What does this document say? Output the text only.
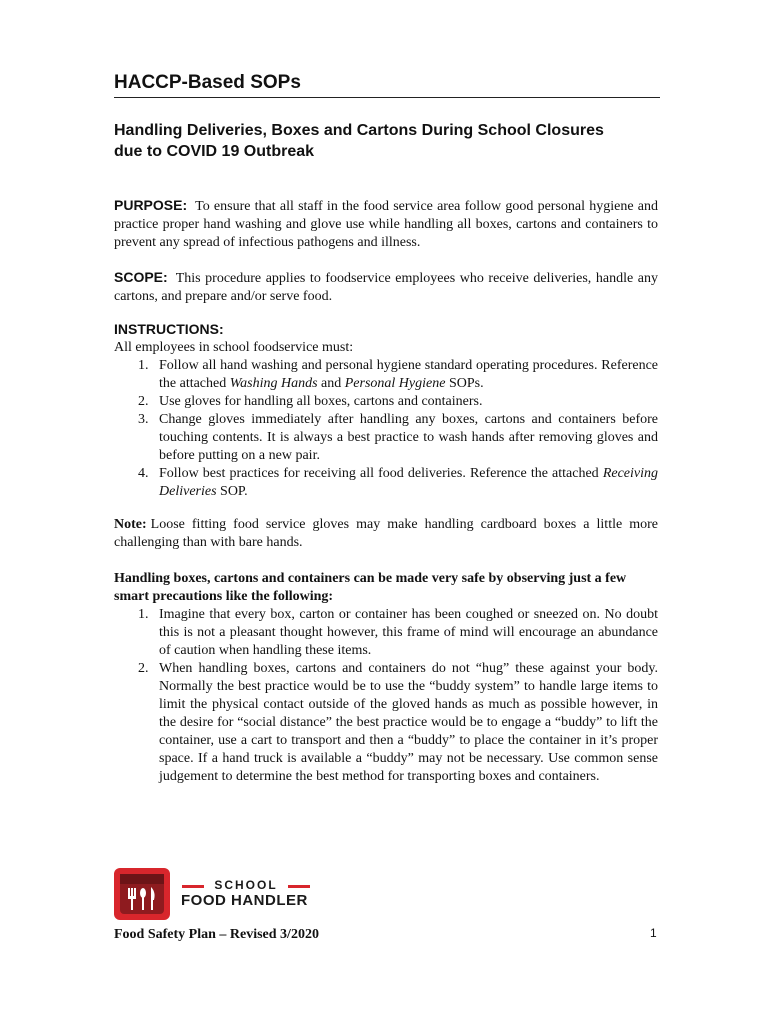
HACCP-Based SOPs
Handling Deliveries, Boxes and Cartons During School Closures
due to COVID 19 Outbreak
PURPOSE: To ensure that all staff in the food service area follow good personal hygiene and practice proper hand washing and glove use while handling all boxes, cartons and containers to prevent any spread of infectious pathogens and illness.
SCOPE: This procedure applies to foodservice employees who receive deliveries, handle any cartons, and prepare and/or serve food.
INSTRUCTIONS:
All employees in school foodservice must:
1. Follow all hand washing and personal hygiene standard operating procedures. Reference the attached Washing Hands and Personal Hygiene SOPs.
2. Use gloves for handling all boxes, cartons and containers.
3. Change gloves immediately after handling any boxes, cartons and containers before touching contents. It is always a best practice to wash hands after removing gloves and before putting on a new pair.
4. Follow best practices for receiving all food deliveries. Reference the attached Receiving Deliveries SOP.
Note: Loose fitting food service gloves may make handling cardboard boxes a little more challenging than with bare hands.
Handling boxes, cartons and containers can be made very safe by observing just a few smart precautions like the following:
1. Imagine that every box, carton or container has been coughed or sneezed on. No doubt this is not a pleasant thought however, this frame of mind will encourage an abundance of caution when handling these items.
2. When handling boxes, cartons and containers do not “hug” these against your body. Normally the best practice would be to use the “buddy system” to handle large items to limit the physical contact outside of the gloved hands as much as possible however, in the desire for “social distance” the best practice would be to engage a “buddy” to lift the container, use a cart to transport and then a “buddy” to place the container in it’s proper space. If a hand truck is available a “buddy” may not be necessary. Use common sense judgement to determine the best method for transporting boxes and containers.
SCHOOL
FOOD HANDLER
Food Safety Plan – Revised 3/2020	1
